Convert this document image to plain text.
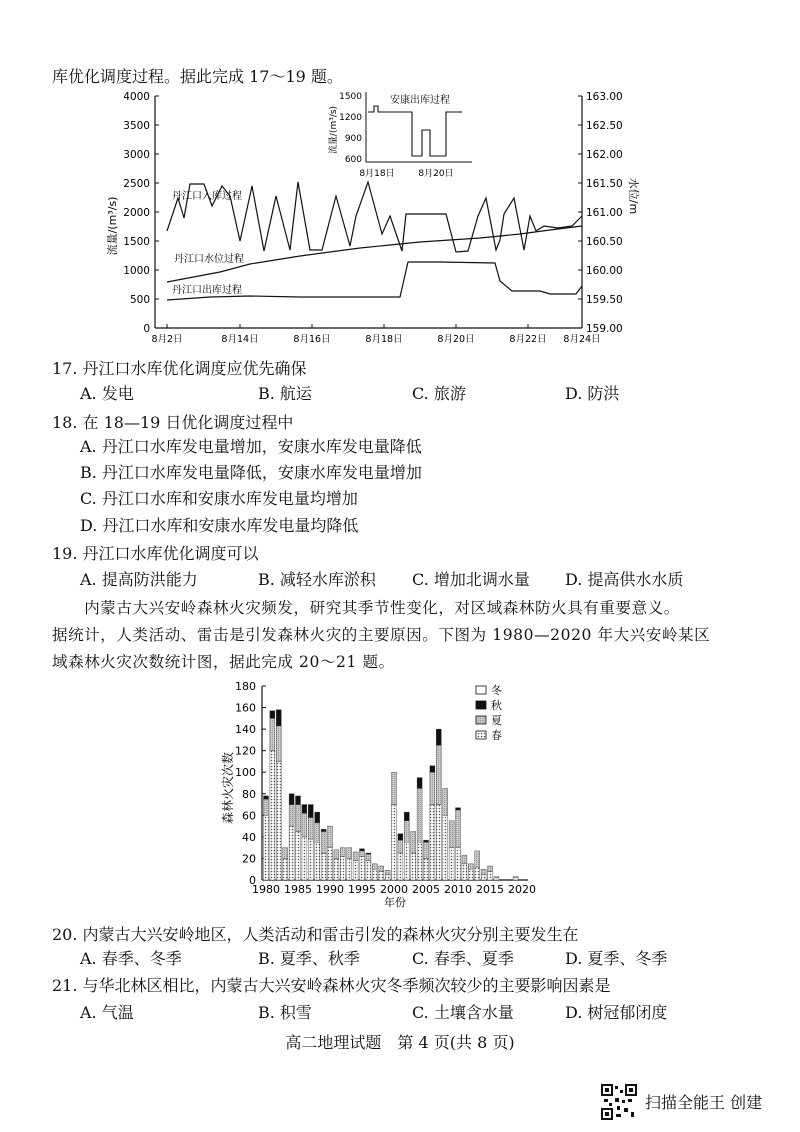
库优化调度过程。据此完成 17～19 题。
4000
3500
3000
2500
2000
1500
1000
500
0
163.00
162.50
162.00
161.50
161.00
160.50
160.00
159.50
159.00
8月2日	8月14日	8月16日	8月18日	8月20日	8月22日 8月24日
流量/(m³/s)
水位/m
丹江口入库过程
丹江口水位过程
丹江口出库过程
1500
1200
900
600
8月18日	8月20日
流量/(m³/s)
安康出库过程
17. 丹江口水库优化调度应优先确保
A. 发电	B. 航运	C. 旅游	D. 防洪
18. 在 18—19 日优化调度过程中
A. 丹江口水库发电量增加，安康水库发电量降低
B. 丹江口水库发电量降低，安康水库发电量增加
C. 丹江口水库和安康水库发电量均增加
D. 丹江口水库和安康水库发电量均降低
19. 丹江口水库优化调度可以
A. 提高防洪能力	B. 减轻水库淤积 C. 增加北调水量 D. 提高供水水质
　　内蒙古大兴安岭森林火灾频发，研究其季节性变化，对区域森林防火具有重要意义。
据统计，人类活动、雷击是引发森林火灾的主要原因。下图为 1980—2020 年大兴安岭某区
域森林火灾次数统计图，据此完成 20～21 题。
180
160
140
120
100
80
60
40
20
0
1980 1985 1990 1995 2000 2005 2010 2015 2020
森林火灾次数
年份
冬
秋
夏
春
20. 内蒙古大兴安岭地区，人类活动和雷击引发的森林火灾分别主要发生在
A. 春季、冬季	B. 夏季、秋季	C. 春季、夏季	D. 夏季、冬季
21. 与华北林区相比，内蒙古大兴安岭森林火灾冬季频次较少的主要影响因素是
A. 气温	B. 积雪	C. 土壤含水量	D. 树冠郁闭度
高二地理试题　第 4 页(共 8 页)
扫描全能王 创建
